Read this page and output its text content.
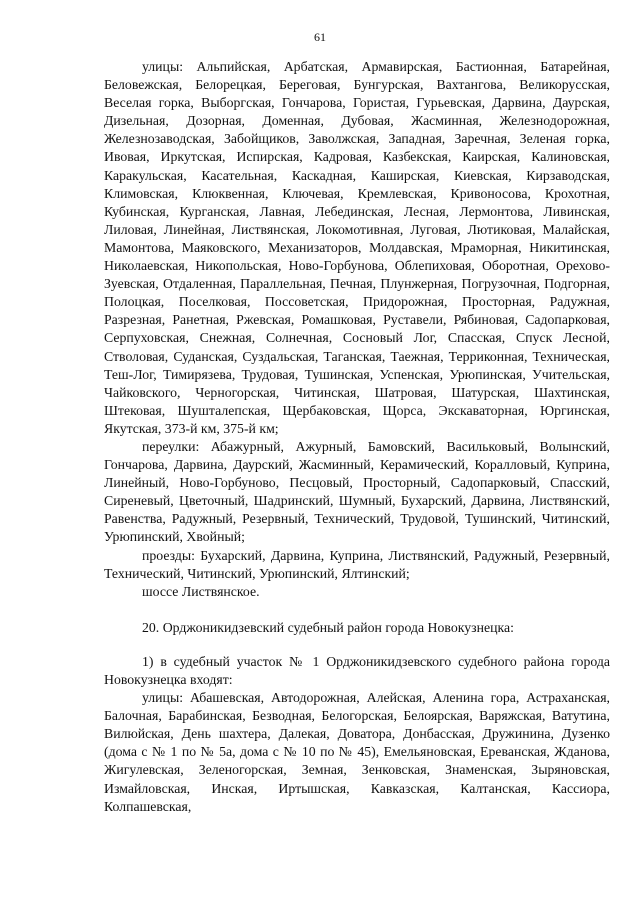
61

улицы: Альпийская, Арбатская, Армавирская, Бастионная, Батарейная, Беловежская, Белорецкая, Береговая, Бунгурская, Вахтангова, Великорусская, Веселая горка, Выборгская, Гончарова, Гористая, Гурьевская, Дарвина, Даурская, Дизельная, Дозорная, Доменная, Дубовая, Жасминная, Железнодорожная, Железнозаводская, Забойщиков, Заволжская, Западная, Заречная, Зеленая горка, Ивовая, Иркутская, Испирская, Кадровая, Казбекская, Каирская, Калиновская, Каракульская, Касательная, Каскадная, Каширская, Киевская, Кирзаводская, Климовская, Клюквенная, Ключевая, Кремлевская, Кривоносова, Крохотная, Кубинская, Курганская, Лавная, Лебединская, Лесная, Лермонтова, Ливинская, Лиловая, Линейная, Листвянская, Локомотивная, Луговая, Лютиковая, Малайская, Мамонтова, Маяковского, Механизаторов, Молдавская, Мраморная, Никитинская, Николаевская, Никопольская, Ново-Горбунова, Облепиховая, Оборотная, Орехово-Зуевская, Отдаленная, Параллельная, Печная, Плунжерная, Погрузочная, Подгорная, Полоцкая, Поселковая, Поссоветская, Придорожная, Просторная, Радужная, Разрезная, Ранетная, Ржевская, Ромашковая, Руставели, Рябиновая, Садопарковая, Серпуховская, Снежная, Солнечная, Сосновый Лог, Спасская, Спуск Лесной, Стволовая, Суданская, Суздальская, Таганская, Таежная, Терриконная, Техническая, Теш-Лог, Тимирязева, Трудовая, Тушинская, Успенская, Урюпинская, Учительская, Чайковского, Черногорская, Читинская, Шатровая, Шатурская, Шахтинская, Штековая, Шушталепская, Щербаковская, Щорса, Экскаваторная, Юргинская, Якутская, 373-й км, 375-й км;

переулки: Абажурный, Ажурный, Бамовский, Васильковый, Волынский, Гончарова, Дарвина, Даурский, Жасминный, Керамический, Коралловый, Куприна, Линейный, Ново-Горбуново, Песцовый, Просторный, Садопарковый, Спасский, Сиреневый, Цветочный, Шадринский, Шумный, Бухарский, Дарвина, Листвянский, Равенства, Радужный, Резервный, Технический, Трудовой, Тушинский, Читинский, Урюпинский, Хвойный;

проезды: Бухарский, Дарвина, Куприна, Листвянский, Радужный, Резервный, Технический, Читинский, Урюпинский, Ялтинский;

шоссе Листвянское.

20. Орджоникидзевский судебный район города Новокузнецка:

1) в судебный участок № 1 Орджоникидзевского судебного района города Новокузнецка входят:

улицы: Абашевская, Автодорожная, Алейская, Аленина гора, Астраханская, Балочная, Барабинская, Безводная, Белогорская, Белоярская, Варяжская, Ватутина, Вилюйская, День шахтера, Далекая, Доватора, Донбасская, Дружинина, Дузенко (дома с № 1 по № 5а, дома с № 10 по № 45), Емельяновская, Ереванская, Жданова, Жигулевская, Зеленогорская, Земная, Зенковская, Знаменская, Зыряновская, Измайловская, Инская, Иртышская, Кавказская, Калтанская, Кассиора, Колпашевская,
